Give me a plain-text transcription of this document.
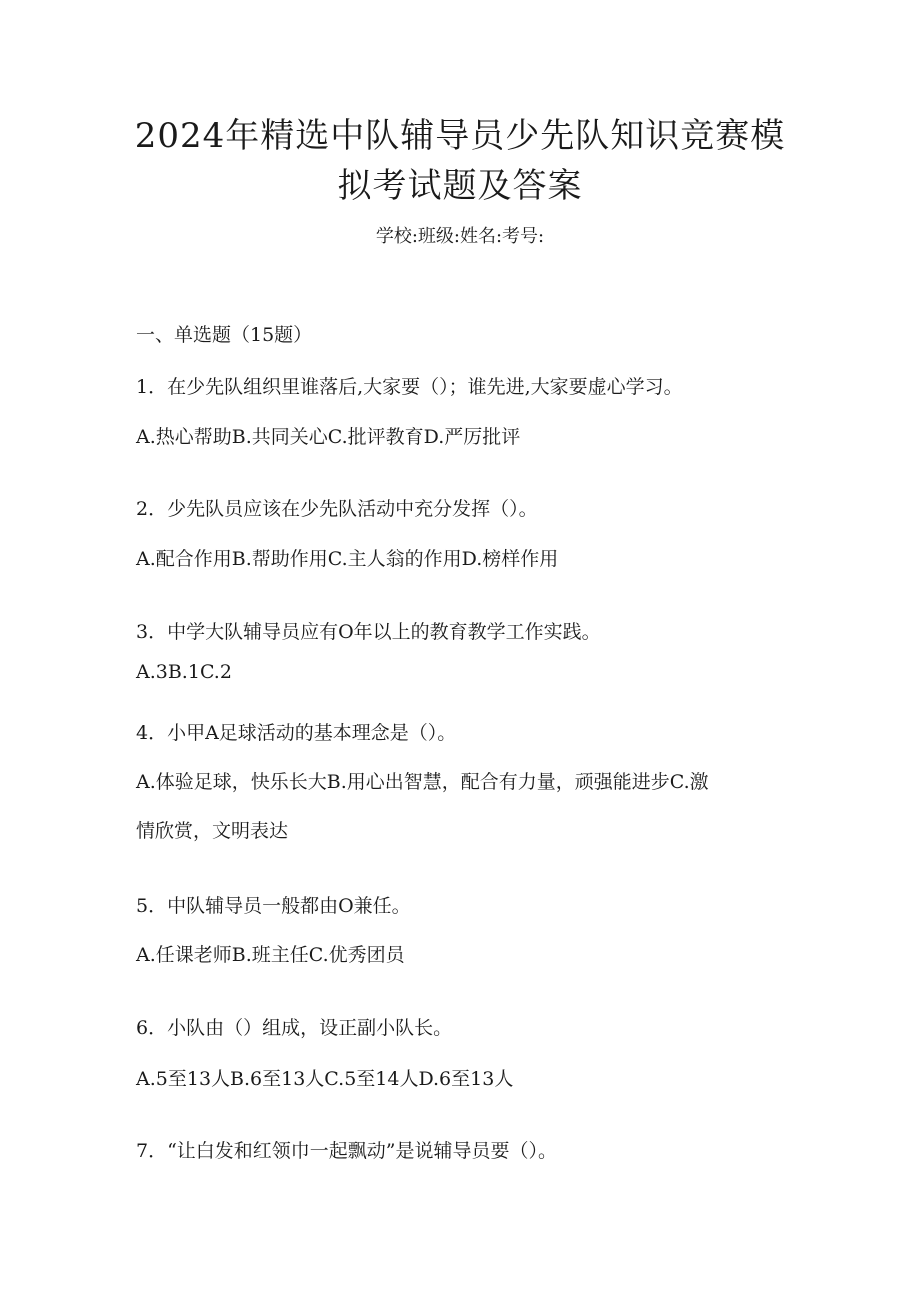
2024年精选中队辅导员少先队知识竞赛模
拟考试题及答案
学校:班级:姓名:考号:
一、单选题（15题）
1．在少先队组织里谁落后,大家要（）；谁先进,大家要虚心学习。
A.热心帮助B.共同关心C.批评教育D.严厉批评
2．少先队员应该在少先队活动中充分发挥（）。
A.配合作用B.帮助作用C.主人翁的作用D.榜样作用
3．中学大队辅导员应有O年以上的教育教学工作实践。
A.3B.1C.2
4．小甲A足球活动的基本理念是（）。
A.体验足球，快乐长大B.用心出智慧，配合有力量，顽强能进步C.激
情欣赏，文明表达
5．中队辅导员一般都由O兼任。
A.任课老师B.班主任C.优秀团员
6．小队由（）组成，设正副小队长。
A.5至13人B.6至13人C.5至14人D.6至13人
7．“让白发和红领巾一起飘动”是说辅导员要（）。
